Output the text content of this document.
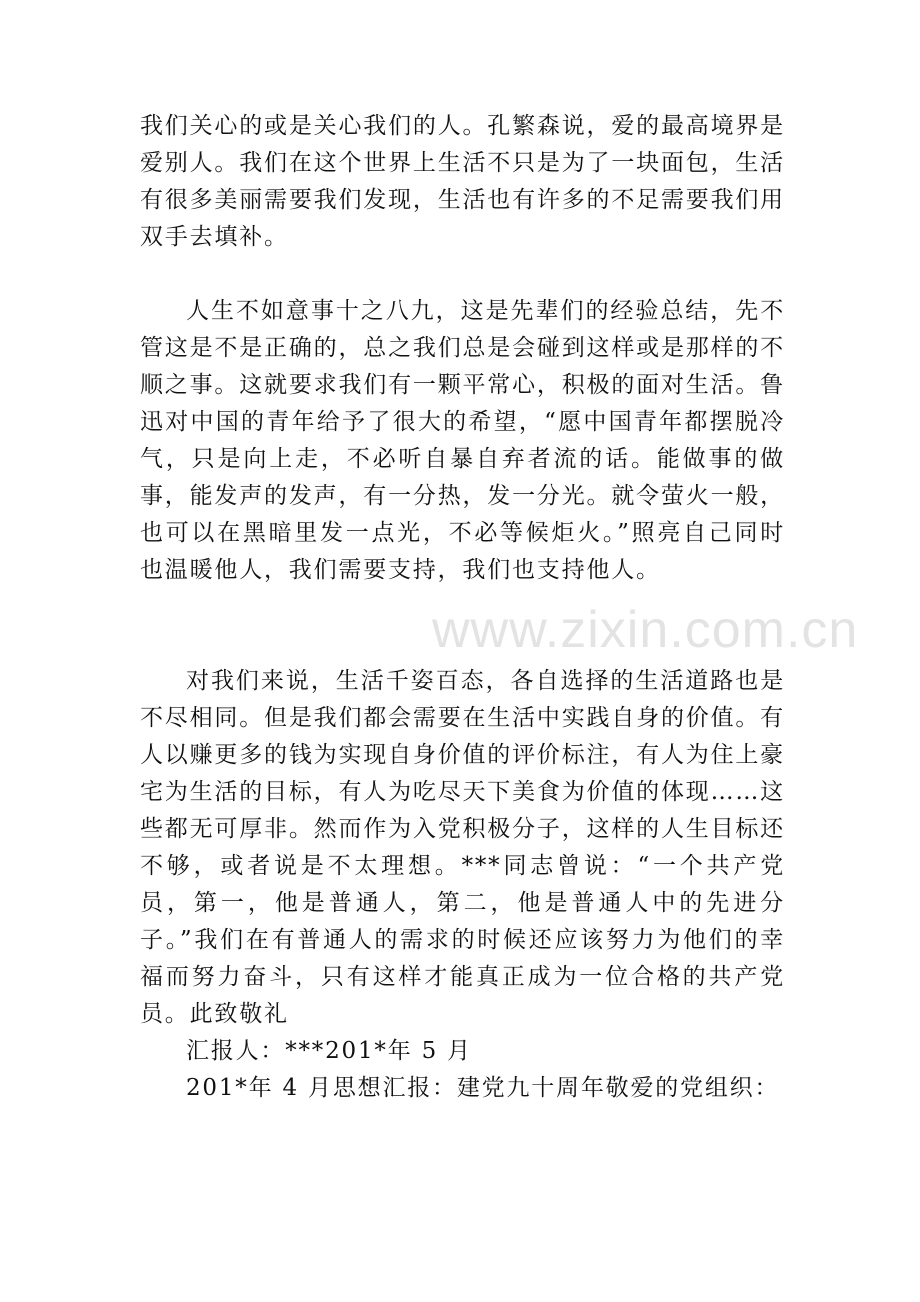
我们关心的或是关心我们的人。孔繁森说，爱的最高境界是爱别人。我们在这个世界上生活不只是为了一块面包，生活有很多美丽需要我们发现，生活也有许多的不足需要我们用双手去填补。

人生不如意事十之八九，这是先辈们的经验总结，先不管这是不是正确的，总之我们总是会碰到这样或是那样的不顺之事。这就要求我们有一颗平常心，积极的面对生活。鲁迅对中国的青年给予了很大的希望，“愿中国青年都摆脱冷气，只是向上走，不必听自暴自弃者流的话。能做事的做事，能发声的发声，有一分热，发一分光。就令萤火一般，也可以在黑暗里发一点光，不必等候炬火。”照亮自己同时也温暖他人，我们需要支持，我们也支持他人。

对我们来说，生活千姿百态，各自选择的生活道路也是不尽相同。但是我们都会需要在生活中实践自身的价值。有人以赚更多的钱为实现自身价值的评价标注，有人为住上豪宅为生活的目标，有人为吃尽天下美食为价值的体现……这些都无可厚非。然而作为入党积极分子，这样的人生目标还不够，或者说是不太理想。***同志曾说：“一个共产党员，第一，他是普通人，第二，他是普通人中的先进分子。”我们在有普通人的需求的时候还应该努力为他们的幸福而努力奋斗，只有这样才能真正成为一位合格的共产党员。此致敬礼

汇报人：***201*年 5 月

201*年 4 月思想汇报：建党九十周年敬爱的党组织：

www.zixin.com.cn
